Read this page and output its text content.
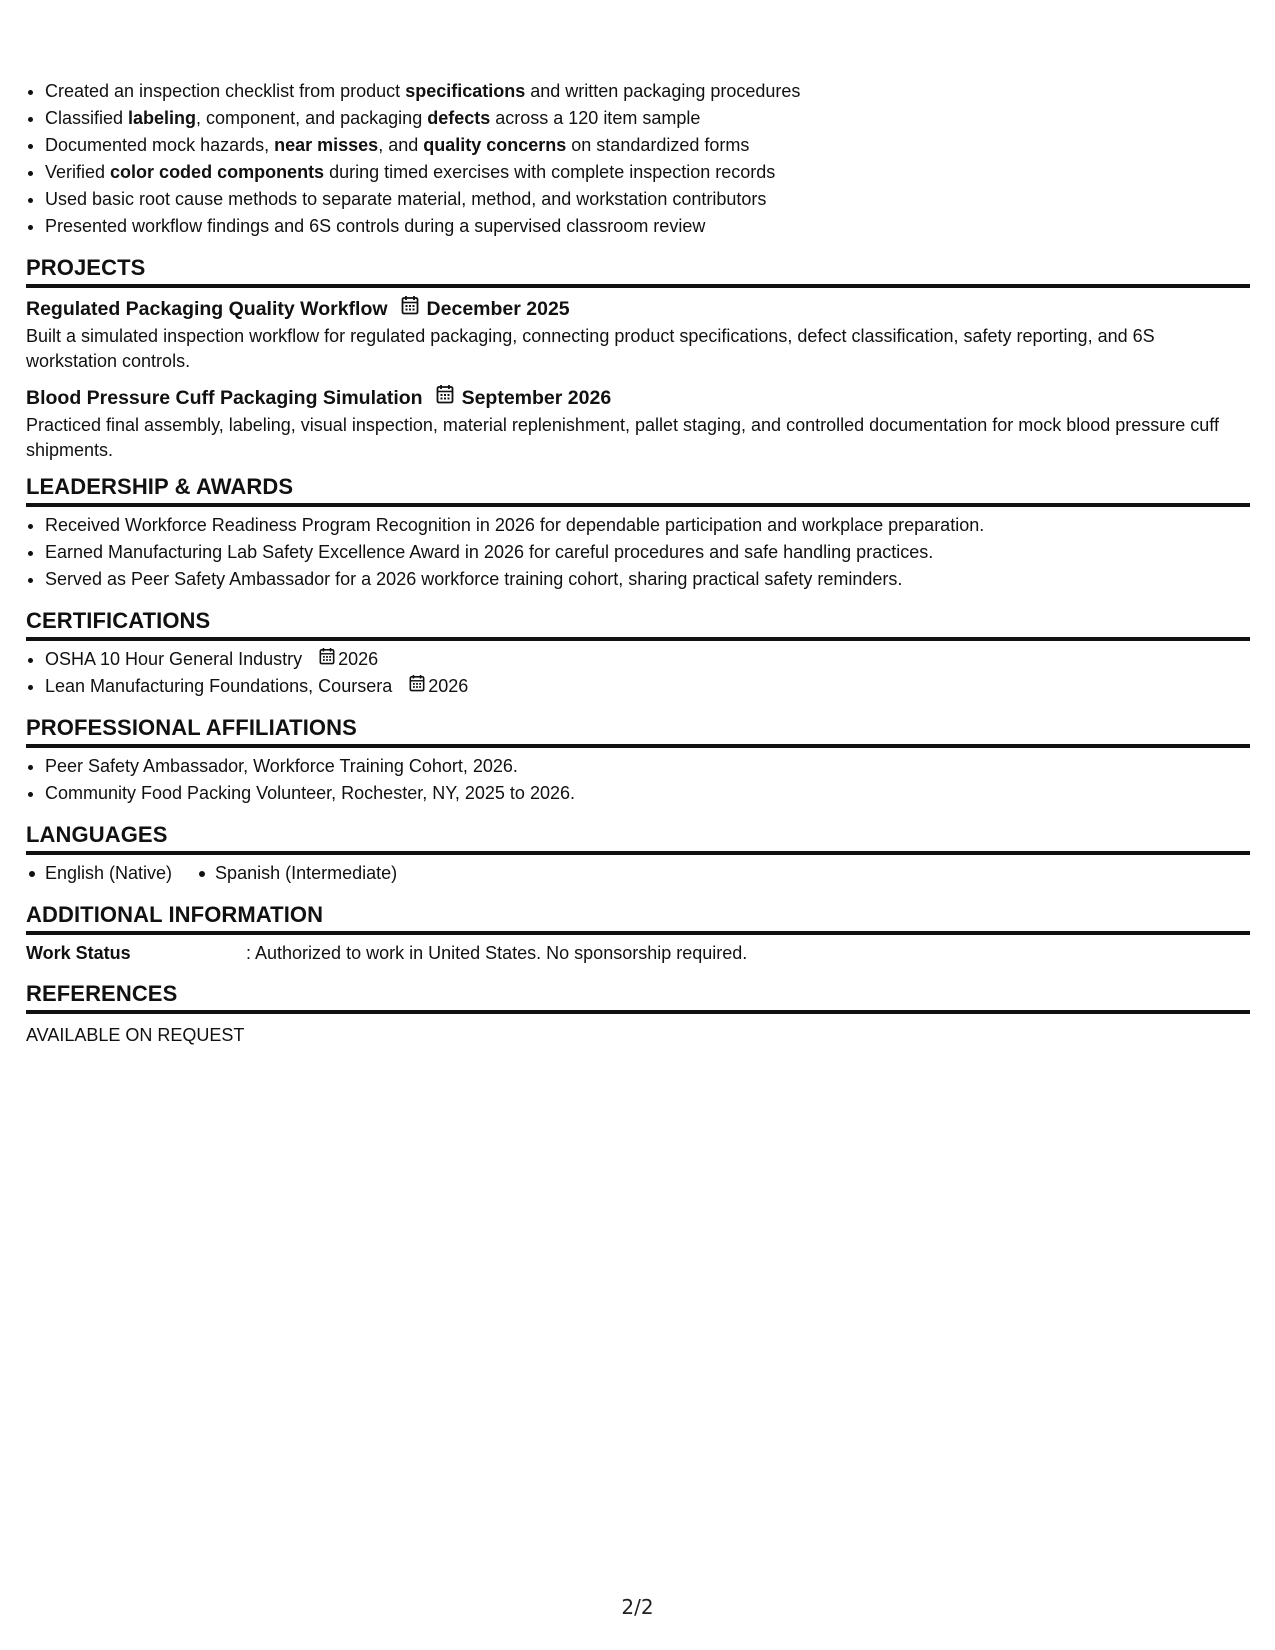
• Created an inspection checklist from product specifications and written packaging procedures
• Classified labeling, component, and packaging defects across a 120 item sample
• Documented mock hazards, near misses, and quality concerns on standardized forms
• Verified color coded components during timed exercises with complete inspection records
• Used basic root cause methods to separate material, method, and workstation contributors
• Presented workflow findings and 6S controls during a supervised classroom review
PROJECTS
Regulated Packaging Quality Workflow December 2025
Built a simulated inspection workflow for regulated packaging, connecting product specifications, defect classification, safety reporting, and 6S workstation controls.
Blood Pressure Cuff Packaging Simulation September 2026
Practiced final assembly, labeling, visual inspection, material replenishment, pallet staging, and controlled documentation for mock blood pressure cuff shipments.
LEADERSHIP & AWARDS
• Received Workforce Readiness Program Recognition in 2026 for dependable participation and workplace preparation.
• Earned Manufacturing Lab Safety Excellence Award in 2026 for careful procedures and safe handling practices.
• Served as Peer Safety Ambassador for a 2026 workforce training cohort, sharing practical safety reminders.
CERTIFICATIONS
• OSHA 10 Hour General Industry 2026
• Lean Manufacturing Foundations, Coursera 2026
PROFESSIONAL AFFILIATIONS
• Peer Safety Ambassador, Workforce Training Cohort, 2026.
• Community Food Packing Volunteer, Rochester, NY, 2025 to 2026.
LANGUAGES
English (Native)	Spanish (Intermediate)
ADDITIONAL INFORMATION
Work Status	: Authorized to work in United States. No sponsorship required.
REFERENCES
AVAILABLE ON REQUEST
2/2
